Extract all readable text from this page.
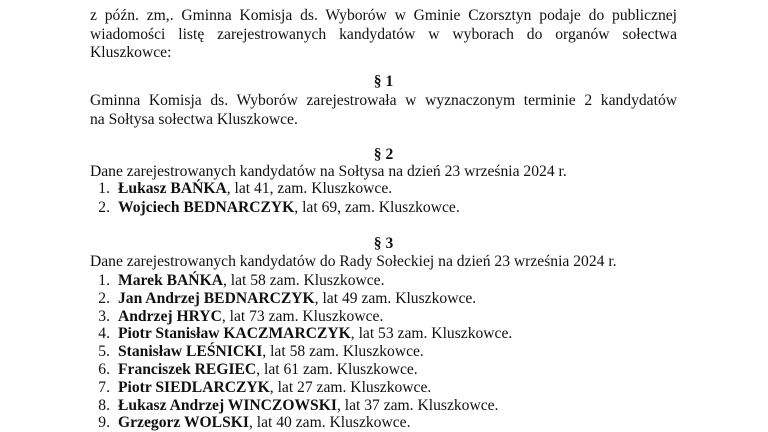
z późn. zm,. Gminna Komisja ds. Wyborów w Gminie Czorsztyn podaje do publicznej
wiadomości listę zarejestrowanych kandydatów w wyborach do organów sołectwa
Kluszkowce:
§ 1
Gminna Komisja ds. Wyborów zarejestrowała w wyznaczonym terminie 2 kandydatów
na Sołtysa sołectwa Kluszkowce.
§ 2
Dane zarejestrowanych kandydatów na Sołtysa na dzień 23 września 2024 r.
1. Łukasz BAŃKA, lat 41, zam. Kluszkowce.
2. Wojciech BEDNARCZYK, lat 69, zam. Kluszkowce.
§ 3
Dane zarejestrowanych kandydatów do Rady Sołeckiej na dzień 23 września 2024 r.
1. Marek BAŃKA, lat 58 zam. Kluszkowce.
2. Jan Andrzej BEDNARCZYK, lat 49 zam. Kluszkowce.
3. Andrzej HRYC, lat 73 zam. Kluszkowce.
4. Piotr Stanisław KACZMARCZYK, lat 53 zam. Kluszkowce.
5. Stanisław LEŚNICKI, lat 58 zam. Kluszkowce.
6. Franciszek REGIEC, lat 61 zam. Kluszkowce.
7. Piotr SIEDLARCZYK, lat 27 zam. Kluszkowce.
8. Łukasz Andrzej WINCZOWSKI, lat 37 zam. Kluszkowce.
9. Grzegorz WOLSKI, lat 40 zam. Kluszkowce.
